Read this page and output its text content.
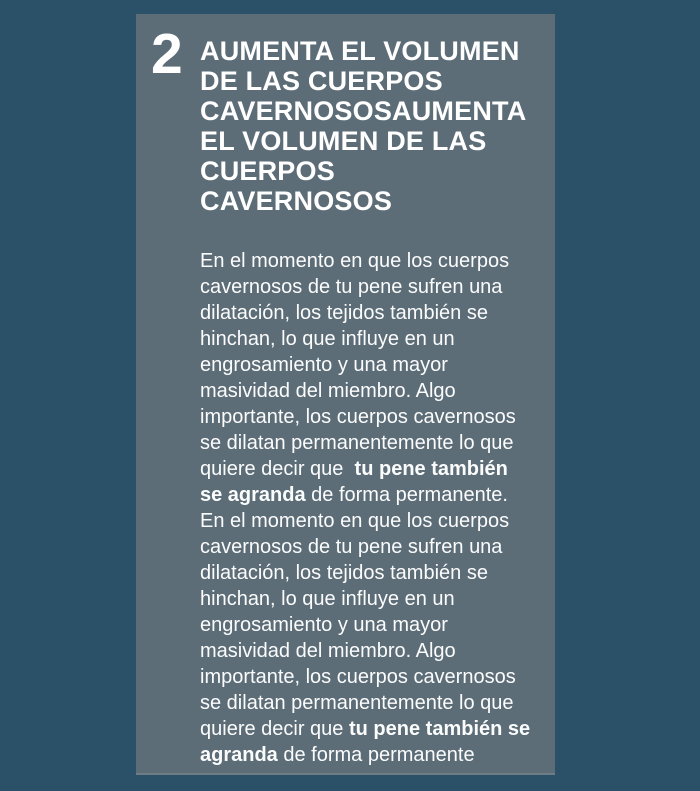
2 AUMENTA EL VOLUMEN DE LAS CUERPOS CAVERNOSOSAUMENTA EL VOLUMEN DE LAS CUERPOS CAVERNOSOS

En el momento en que los cuerpos cavernosos de tu pene sufren una dilatación, los tejidos también se hinchan, lo que influye en un engrosamiento y una mayor masividad del miembro. Algo importante, los cuerpos cavernosos se dilatan permanentemente lo que quiere decir que  tu pene también se agranda de forma permanente. En el momento en que los cuerpos cavernosos de tu pene sufren una dilatación, los tejidos también se hinchan, lo que influye en un engrosamiento y una mayor masividad del miembro. Algo importante, los cuerpos cavernosos se dilatan permanentemente lo que quiere decir que tu pene también se agranda de forma permanente
